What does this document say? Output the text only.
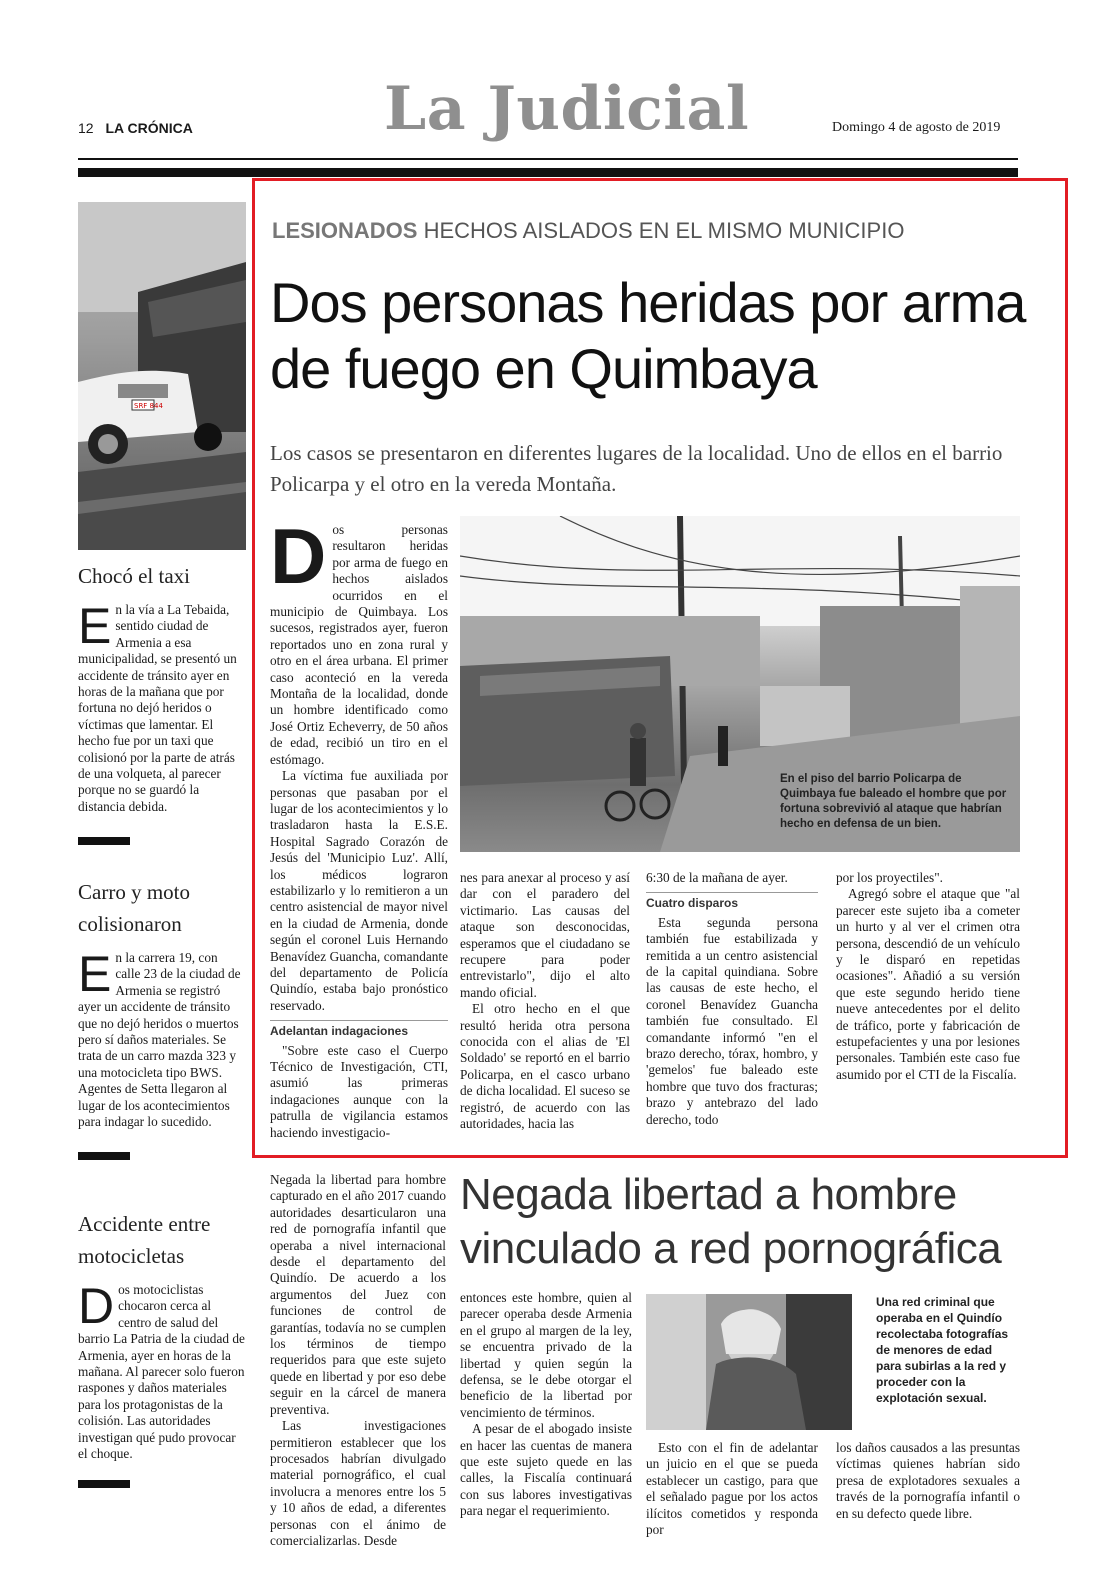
12 LA CRÓNICA	La Judicial	Domingo 4 de agosto de 2019
SRF 844
Chocó el taxi
E n la vía a La Tebaida, sentido ciudad de Armenia a esa municipalidad, se presentó un accidente de tránsito ayer en horas de la mañana que por fortuna no dejó heridos o víctimas que lamentar. El hecho fue por un taxi que colisionó por la parte de atrás de una volqueta, al parecer porque no se guardó la distancia debida.
Carro y moto colisionaron
E n la carrera 19, con calle 23 de la ciudad de Armenia se registró ayer un accidente de tránsito que no dejó heridos o muertos pero sí daños materiales. Se trata de un carro mazda 323 y una motocicleta tipo BWS. Agentes de Setta llegaron al lugar de los acontecimientos para indagar lo sucedido.
Accidente entre motocicletas
D os motociclistas chocaron cerca al centro de salud del barrio La Patria de la ciudad de Armenia, ayer en horas de la mañana. Al parecer solo fueron raspones y daños materiales para los protagonistas de la colisión. Las autoridades investigan qué pudo provocar el choque.
LESIONADOS HECHOS AISLADOS EN EL MISMO MUNICIPIO
Dos personas heridas por arma de fuego en Quimbaya
Los casos se presentaron en diferentes lugares de la localidad. Uno de ellos en el barrio Policarpa y el otro en la vereda Montaña.
D os personas resultaron heridas por arma de fuego en hechos aislados ocurridos en el municipio de Quimbaya. Los sucesos, registrados ayer, fueron reportados uno en zona rural y otro en el área urbana. El primer caso aconteció en la vereda Montaña de la localidad, donde un hombre identificado como José Ortiz Echeverry, de 50 años de edad, recibió un tiro en el estómago.

La víctima fue auxiliada por personas que pasaban por el lugar de los acontecimientos y lo trasladaron hasta la E.S.E. Hospital Sagrado Corazón de Jesús del 'Municipio Luz'. Allí, los médicos lograron estabilizarlo y lo remitieron a un centro asistencial de mayor nivel en la ciudad de Armenia, donde según el coronel Luis Hernando Benavídez Guancha, comandante del departamento de Policía Quindío, estaba bajo pronóstico reservado.

Adelantan indagaciones

"Sobre este caso el Cuerpo Técnico de Investigación, CTI, asumió las primeras indagaciones aunque con la patrulla de vigilancia estamos haciendo investigacio-

En el piso del barrio Policarpa de Quimbaya fue baleado el hombre que por fortuna sobrevivió al ataque que habrían hecho en defensa de un bien.
nes para anexar al proceso y así dar con el paradero del victimario. Las causas del ataque son desconocidas, esperamos que el ciudadano se recupere para poder entrevistarlo", dijo el alto mando oficial.

El otro hecho en el que resultó herida otra persona conocida con el alias de 'El Soldado' se reportó en el barrio Policarpa, en el casco urbano de dicha localidad. El suceso se registró, de acuerdo con las autoridades, hacia las

6:30 de la mañana de ayer.
Cuatro disparos

Esta segunda persona también fue estabilizada y remitida a un centro asistencial de la capital quindiana. Sobre las causas de este hecho, el coronel Benavídez Guancha también fue consultado. El comandante informó "en el brazo derecho, tórax, hombro, y 'gemelos' fue baleado este hombre que tuvo dos fracturas; brazo y antebrazo del lado derecho, todo

por los proyectiles".

Agregó sobre el ataque que "al parecer este sujeto iba a cometer un hurto y al ver el crimen otra persona, descendió de un vehículo y le disparó en repetidas ocasiones". Añadió a su versión que este segundo herido tiene nueve antecedentes por el delito de tráfico, porte y fabricación de estupefacientes y una por lesiones personales. También este caso fue asumido por el CTI de la Fiscalía.

Negada la libertad para hombre capturado en el año 2017 cuando autoridades desarticularon una red de pornografía infantil que operaba a nivel internacional desde el departamento del Quindío. De acuerdo a los argumentos del Juez con funciones de control de garantías, todavía no se cumplen los términos de tiempo requeridos para que este sujeto quede en libertad y por eso debe seguir en la cárcel de manera preventiva.

Las investigaciones permitieron establecer que los procesados habrían divulgado material pornográfico, el cual involucra a menores entre los 5 y 10 años de edad, a diferentes personas con el ánimo de comercializarlas. Desde

Negada libertad a hombre vinculado a red pornográfica
entonces este hombre, quien al parecer operaba desde Armenia en el grupo al margen de la ley, se encuentra privado de la libertad y quien según la defensa, se le debe otorgar el beneficio de la libertad por vencimiento de términos.

A pesar de el abogado insiste en hacer las cuentas de manera que este sujeto quede en las calles, la Fiscalía continuará con sus labores investigativas para negar el requerimiento.

Una red criminal que operaba en el Quindío recolectaba fotografías de menores de edad para subirlas a la red y proceder con la explotación sexual.

Esto con el fin de adelantar un juicio en el que se pueda establecer un castigo, para que el señalado pague por los actos ilícitos cometidos y responda por

los daños causados a las presuntas víctimas quienes habrían sido presa de explotadores sexuales a través de la pornografía infantil o en su defecto quede libre.
